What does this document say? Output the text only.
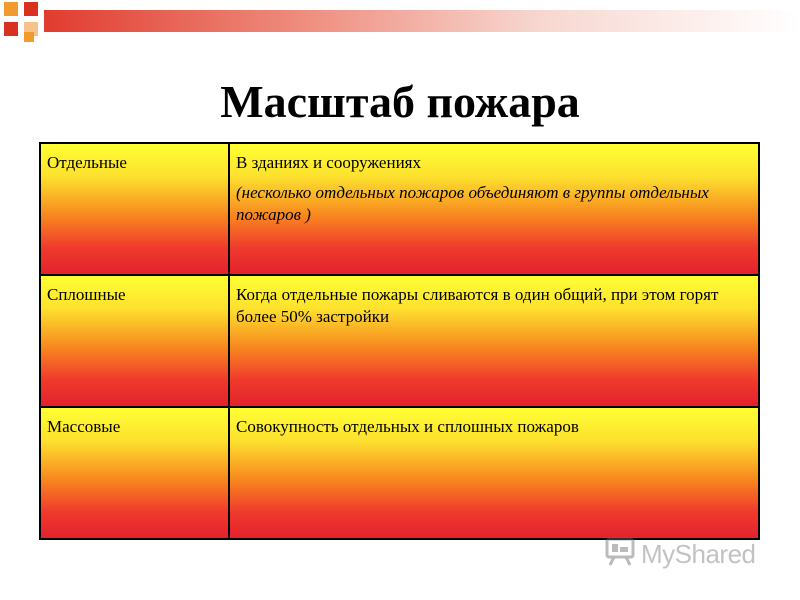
Масштаб пожара
Отдельные	В зданиях и сооружениях
(несколько отдельных пожаров объединяют в группы отдельных пожаров )

Сплошные	Когда отдельные пожары сливаются в один общий, при этом горят более 50% застройки
Массовые	Совокупность отдельных и сплошных пожаров
MyShared
